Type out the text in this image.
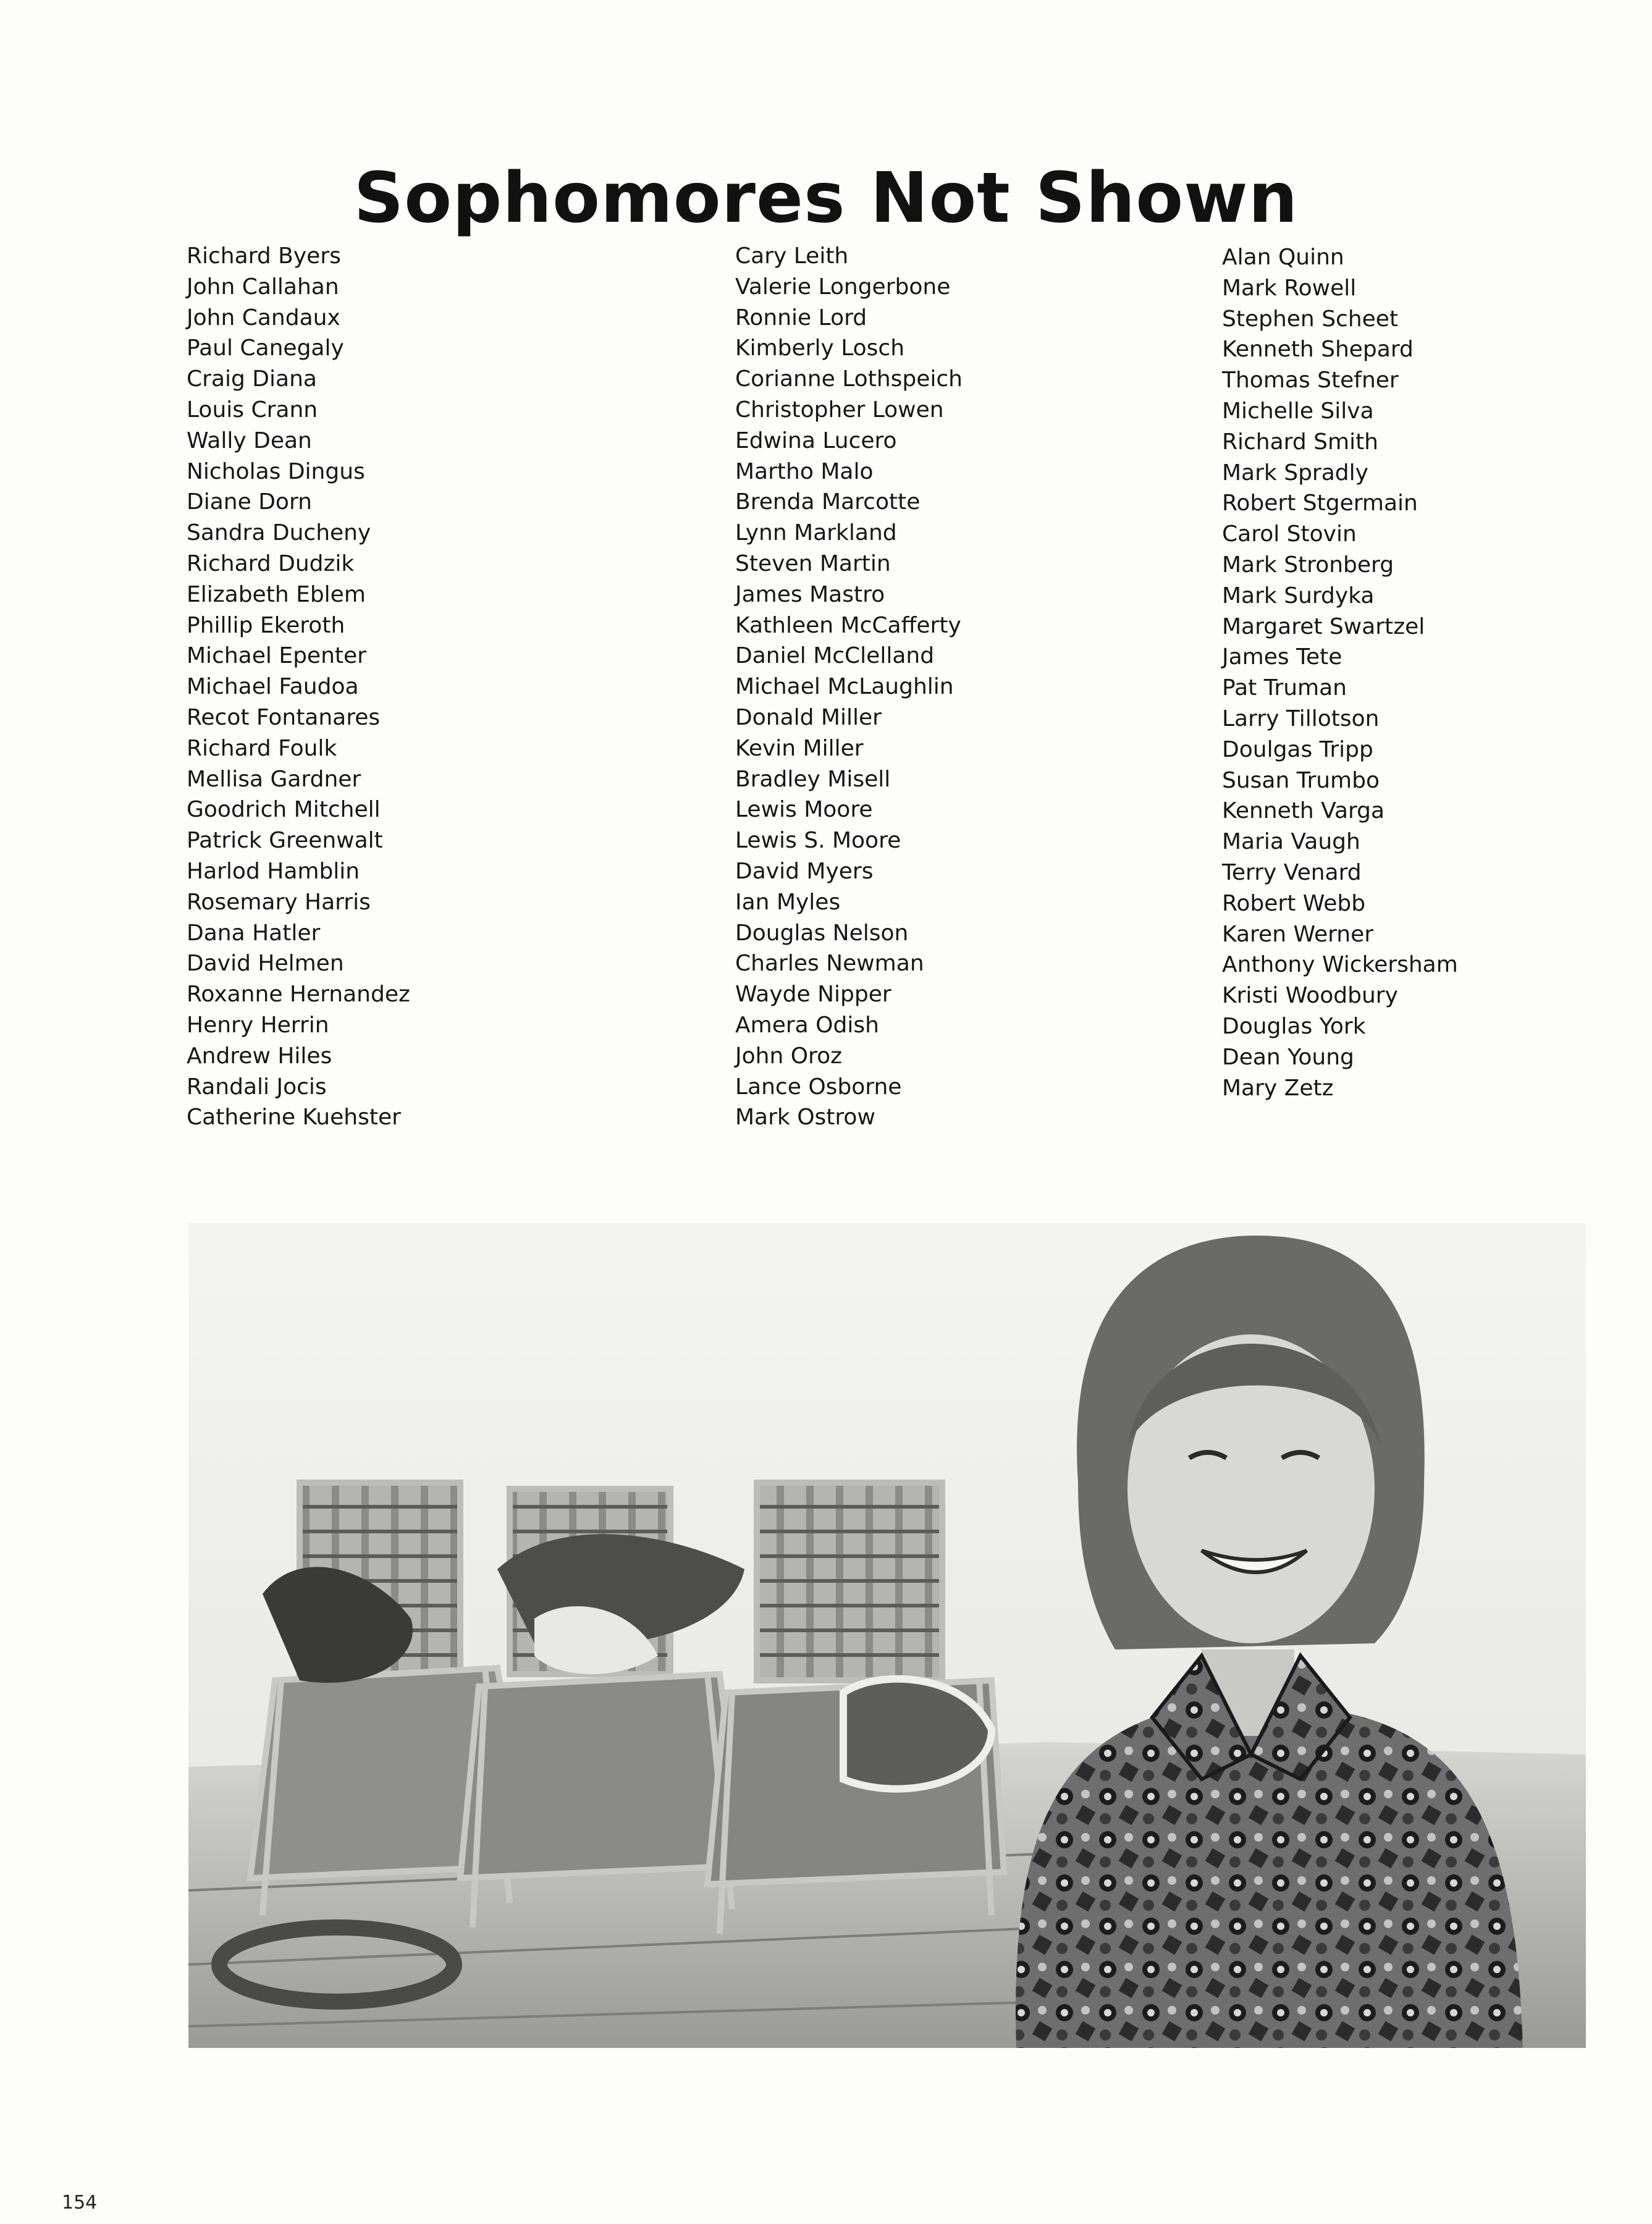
Sophomores Not Shown
Richard Byers
John Callahan
John Candaux
Paul Canegaly
Craig Diana
Louis Crann
Wally Dean
Nicholas Dingus
Diane Dorn
Sandra Ducheny
Richard Dudzik
Elizabeth Eblem
Phillip Ekeroth
Michael Epenter
Michael Faudoa
Recot Fontanares
Richard Foulk
Mellisa Gardner
Goodrich Mitchell
Patrick Greenwalt
Harlod Hamblin
Rosemary Harris
Dana Hatler
David Helmen
Roxanne Hernandez
Henry Herrin
Andrew Hiles
Randali Jocis
Catherine Kuehster
Cary Leith
Valerie Longerbone
Ronnie Lord
Kimberly Losch
Corianne Lothspeich
Christopher Lowen
Edwina Lucero
Martho Malo
Brenda Marcotte
Lynn Markland
Steven Martin
James Mastro
Kathleen McCafferty
Daniel McClelland
Michael McLaughlin
Donald Miller
Kevin Miller
Bradley Misell
Lewis Moore
Lewis S. Moore
David Myers
Ian Myles
Douglas Nelson
Charles Newman
Wayde Nipper
Amera Odish
John Oroz
Lance Osborne
Mark Ostrow
Alan Quinn
Mark Rowell
Stephen Scheet
Kenneth Shepard
Thomas Stefner
Michelle Silva
Richard Smith
Mark Spradly
Robert Stgermain
Carol Stovin
Mark Stronberg
Mark Surdyka
Margaret Swartzel
James Tete
Pat Truman
Larry Tillotson
Doulgas Tripp
Susan Trumbo
Kenneth Varga
Maria Vaugh
Terry Venard
Robert Webb
Karen Werner
Anthony Wickersham
Kristi Woodbury
Douglas York
Dean Young
Mary Zetz
154
